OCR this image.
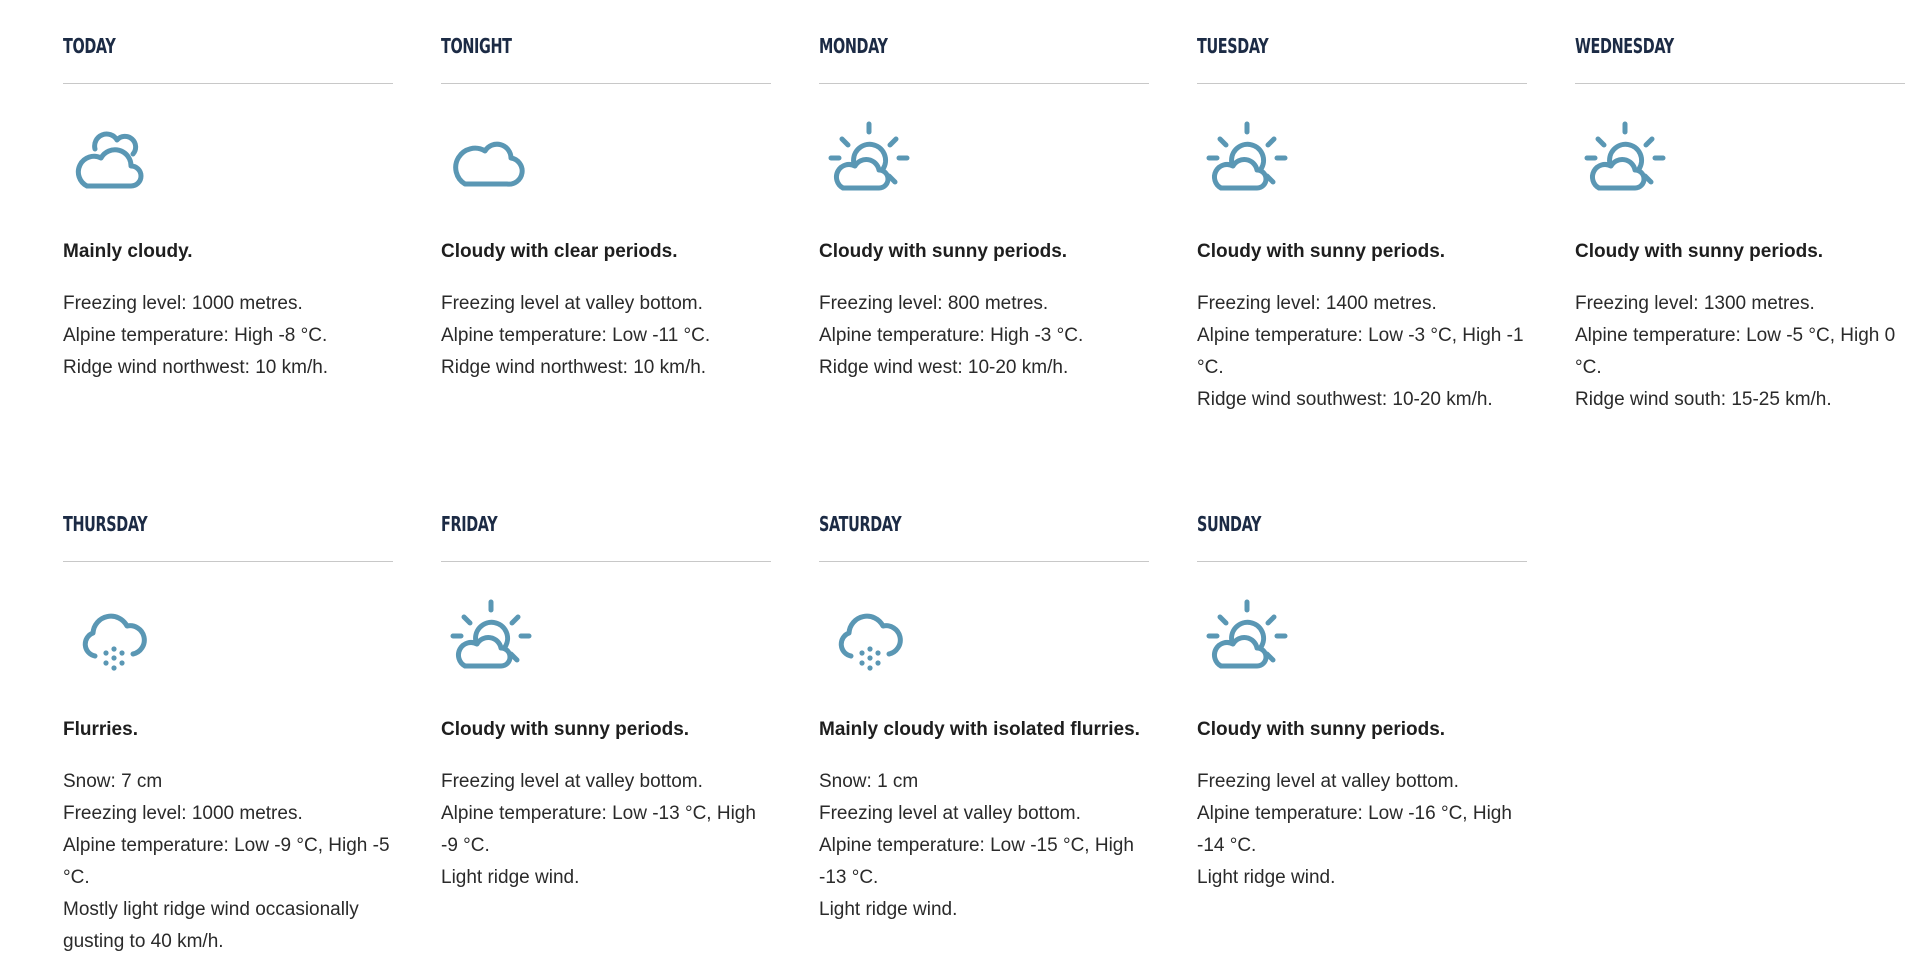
TODAY

Mainly cloudy.

Freezing level: 1000 metres.
Alpine temperature: High -8 °C.
Ridge wind northwest: 10 km/h.
TONIGHT

Cloudy with clear periods.

Freezing level at valley bottom.
Alpine temperature: Low -11 °C.
Ridge wind northwest: 10 km/h.
MONDAY

Cloudy with sunny periods.

Freezing level: 800 metres.
Alpine temperature: High -3 °C.
Ridge wind west: 10-20 km/h.
TUESDAY

Cloudy with sunny periods.

Freezing level: 1400 metres.
Alpine temperature: Low -3 °C, High -1 °C.
Ridge wind southwest: 10-20 km/h.
WEDNESDAY

Cloudy with sunny periods.

Freezing level: 1300 metres.
Alpine temperature: Low -5 °C, High 0 °C.
Ridge wind south: 15-25 km/h.
THURSDAY

Flurries.

Snow: 7 cm
Freezing level: 1000 metres.
Alpine temperature: Low -9 °C, High -5 °C.
Mostly light ridge wind occasionally gusting to 40 km/h.
FRIDAY

Cloudy with sunny periods.

Freezing level at valley bottom.
Alpine temperature: Low -13 °C, High -9 °C.
Light ridge wind.
SATURDAY

Mainly cloudy with isolated flurries.

Snow: 1 cm
Freezing level at valley bottom.
Alpine temperature: Low -15 °C, High -13 °C.
Light ridge wind.
SUNDAY

Cloudy with sunny periods.

Freezing level at valley bottom.
Alpine temperature: Low -16 °C, High -14 °C.
Light ridge wind.
